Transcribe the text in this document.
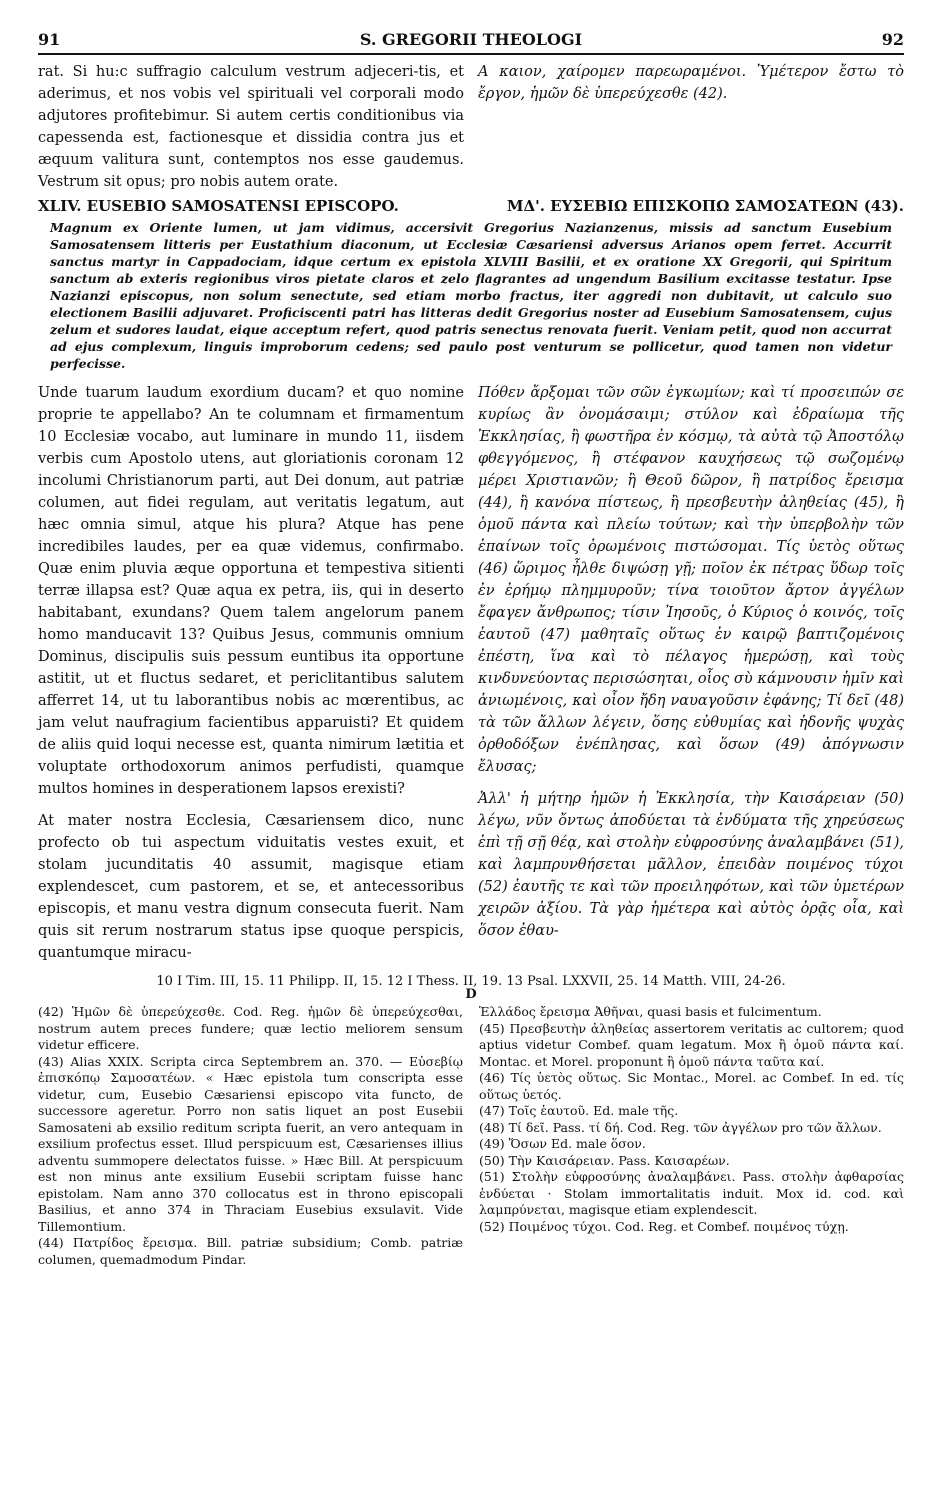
91	S. GREGORII THEOLOGI	92
rat. Si hu:c suffragio calculum vestrum adjeceri-tis, et aderimus, et nos vobis vel spirituali vel corporali modo adjutores profitebimur. Si autem certis conditionibus via capessenda est, factionesque et dissidia contra jus et æquum valitura sunt, contemptos nos esse gaudemus. Vestrum sit opus; pro nobis autem orate.
A καιον, χαίρομεν παρεωραμένοι. Ὑμέτερον ἔστω τὸ ἔργον, ἡμῶν δὲ ὑπερεύχεσθε (42).
XLIV. EUSEBIO SAMOSATENSI EPISCOPO.	ΜΔ'. ΕΥΣΕΒΙΩ ΕΠΙΣΚΟΠΩ ΣΑΜΟΣΑΤΕΩΝ (43).
Magnum ex Oriente lumen, ut jam vidimus, accersivit Gregorius Nazianzenus, missis ad sanctum Eusebium Samosatensem litteris per Eustathium diaconum, ut Ecclesiæ Cæsariensi adversus Arianos opem ferret. Accurrit sanctus martyr in Cappadociam, idque certum ex epistola XLVIII Basilii, et ex oratione XX Gregorii, qui Spiritum sanctum ab exteris regionibus viros pietate claros et zelo flagrantes ad ungendum Basilium excitasse testatur. Ipse Nazianzi episcopus, non solum senectute, sed etiam morbo fractus, iter aggredi non dubitavit, ut calculo suo electionem Basilii adjuvaret. Proficiscenti patri has litteras dedit Gregorius noster ad Eusebium Samosatensem, cujus zelum et sudores laudat, eique acceptum refert, quod patris senectus renovata fuerit. Veniam petit, quod non accurrat ad ejus complexum, linguis improborum cedens; sed paulo post venturum se pollicetur, quod tamen non videtur perfecisse.

Unde tuarum laudum exordium ducam? et quo nomine proprie te appellabo? An te columnam et firmamentum 10 Ecclesiæ vocabo, aut luminare in mundo 11, iisdem verbis cum Apostolo utens, aut gloriationis coronam 12 incolumi Christianorum parti, aut Dei donum, aut patriæ columen, aut fidei regulam, aut veritatis legatum, aut hæc omnia simul, atque his plura? Atque has pene incredibiles laudes, per ea quæ videmus, confirmabo. Quæ enim pluvia æque opportuna et tempestiva sitienti terræ illapsa est? Quæ aqua ex petra, iis, qui in deserto habitabant, exundans? Quem talem angelorum panem homo manducavit 13? Quibus Jesus, communis omnium Dominus, discipulis suis pessum euntibus ita opportune astitit, ut et fluctus sedaret, et periclitantibus salutem afferret 14, ut tu laborantibus nobis ac mœrentibus, ac jam velut naufragium facientibus apparuisti? Et quidem de aliis quid loqui necesse est, quanta nimirum lætitia et voluptate orthodoxorum animos perfudisti, quamque multos homines in desperationem lapsos erexisti?

At mater nostra Ecclesia, Cæsariensem dico, nunc profecto ob tui aspectum viduitatis vestes exuit, et stolam jucunditatis 40 assumit, magisque etiam explendescet, cum pastorem, et se, et antecessoribus episcopis, et manu vestra dignum consecuta fuerit. Nam quis sit rerum nostrarum status ipse quoque perspicis, quantumque miracu-

Πόθεν ἄρξομαι τῶν σῶν ἐγκωμίων; καὶ τί προσειπών σε κυρίως ἂν ὀνομάσαιμι; στύλον καὶ ἑδραίωμα τῆς Ἐκκλησίας, ἢ φωστῆρα ἐν κόσμῳ, τὰ αὐτὰ τῷ Ἀποστόλῳ φθεγγόμενος, ἢ στέφανον καυχήσεως τῷ σωζομένῳ μέρει Χριστιανῶν; ἢ Θεοῦ δῶρον, ἢ πατρίδος ἔρεισμα (44), ἢ κανόνα πίστεως, ἢ πρεσβευτὴν ἀληθείας (45), ἢ ὁμοῦ πάντα καὶ πλείω τούτων; καὶ τὴν ὑπερβολὴν τῶν ἐπαίνων τοῖς ὁρωμένοις πιστώσομαι. Τίς ὑετὸς οὕτως (46) ὥριμος ἦλθε διψώσῃ γῇ; ποῖον ἐκ πέτρας ὕδωρ τοῖς ἐν ἐρήμῳ πλημμυροῦν; τίνα τοιοῦτον ἄρτον ἀγγέλων ἔφαγεν ἄνθρωπος; τίσιν Ἰησοῦς, ὁ Κύριος ὁ κοινός, τοῖς ἑαυτοῦ (47) μαθηταῖς οὕτως ἐν καιρῷ βαπτιζομένοις ἐπέστη, ἵνα καὶ τὸ πέλαγος ἡμερώσῃ, καὶ τοὺς κινδυνεύοντας περισώσηται, οἷος σὺ κάμνουσιν ἡμῖν καὶ ἀνιωμένοις, καὶ οἷον ἤδη ναυαγοῦσιν ἐφάνης; Τί δεῖ (48) τὰ τῶν ἄλλων λέγειν, ὅσης εὐθυμίας καὶ ἡδονῆς ψυχὰς ὀρθοδόξων ἐνέπλησας, καὶ ὅσων (49) ἀπόγνωσιν ἔλυσας;

Ἀλλ' ἡ μήτηρ ἡμῶν ἡ Ἐκκλησία, τὴν Καισάρειαν (50) λέγω, νῦν ὄντως ἀποδύεται τὰ ἐνδύματα τῆς χηρεύσεως ἐπὶ τῇ σῇ θέᾳ, καὶ στολὴν εὐφροσύνης ἀναλαμβάνει (51), καὶ λαμπρυνθήσεται μᾶλλον, ἐπειδὰν ποιμένος τύχοι (52) ἑαυτῆς τε καὶ τῶν προειληφότων, καὶ τῶν ὑμετέρων χειρῶν ἀξίου. Τὰ γὰρ ἡμέτερα καὶ αὐτὸς ὁρᾷς οἷα, καὶ ὅσον ἐθαυ-

10 I Tim. III, 15. 11 Philipp. II, 15. 12 I Thess. II, 19. 13 Psal. LXXVII, 25. 14 Matth. VIII, 24-26.
D

(42) Ἡμῶν δὲ ὑπερεύχεσθε. Cod. Reg. ἡμῶν δὲ ὑπερεύχεσθαι, nostrum autem preces fundere; quæ lectio meliorem sensum videtur efficere.

(43) Alias XXIX. Scripta circa Septembrem an. 370. — Εὐσεβίῳ ἐπισκόπῳ Σαμοσατέων. « Hæc epistola tum conscripta esse videtur, cum, Eusebio Cæsariensi episcopo vita functo, de successore ageretur. Porro non satis liquet an post Eusebii Samosateni ab exsilio reditum scripta fuerit, an vero antequam in exsilium profectus esset. Illud perspicuum est, Cæsarienses illius adventu summopere delectatos fuisse. » Hæc Bill. At perspicuum est non minus ante exsilium Eusebii scriptam fuisse hanc epistolam. Nam anno 370 collocatus est in throno episcopali Basilius, et anno 374 in Thraciam Eusebius exsulavit. Vide Tillemontium.

(44) Πατρίδος ἔρεισμα. Bill. patriæ subsidium; Comb. patriæ columen, quemadmodum Pindar.

Ἑλλάδος ἔρεισμα Ἀθῆναι, quasi basis et fulcimentum.

(45) Πρεσβευτὴν ἀληθείας assertorem veritatis ac cultorem; quod aptius videtur Combef. quam legatum. Mox ἢ ὁμοῦ πάντα καί. Montac. et Morel. proponunt ἢ ὁμοῦ πάντα ταῦτα καί.

(46) Τίς ὑετὸς οὕτως. Sic Montac., Morel. ac Combef. In ed. τίς οὕτως ὑετός.

(47) Τοῖς ἑαυτοῦ. Ed. male τῆς.

(48) Τί δεῖ. Pass. τί δή. Cod. Reg. τῶν ἀγγέλων pro τῶν ἄλλων.

(49) Ὅσων Ed. male ὅσον.

(50) Τὴν Καισάρειαν. Pass. Καισαρέων.

(51) Στολὴν εὐφροσύνης ἀναλαμβάνει. Pass. στολὴν ἀφθαρσίας ἐνδύεται · Stolam immortalitatis induit. Mox id. cod. καὶ λαμπρύνεται, magisque etiam explendescit.

(52) Ποιμένος τύχοι. Cod. Reg. et Combef. ποιμένος τύχῃ.
